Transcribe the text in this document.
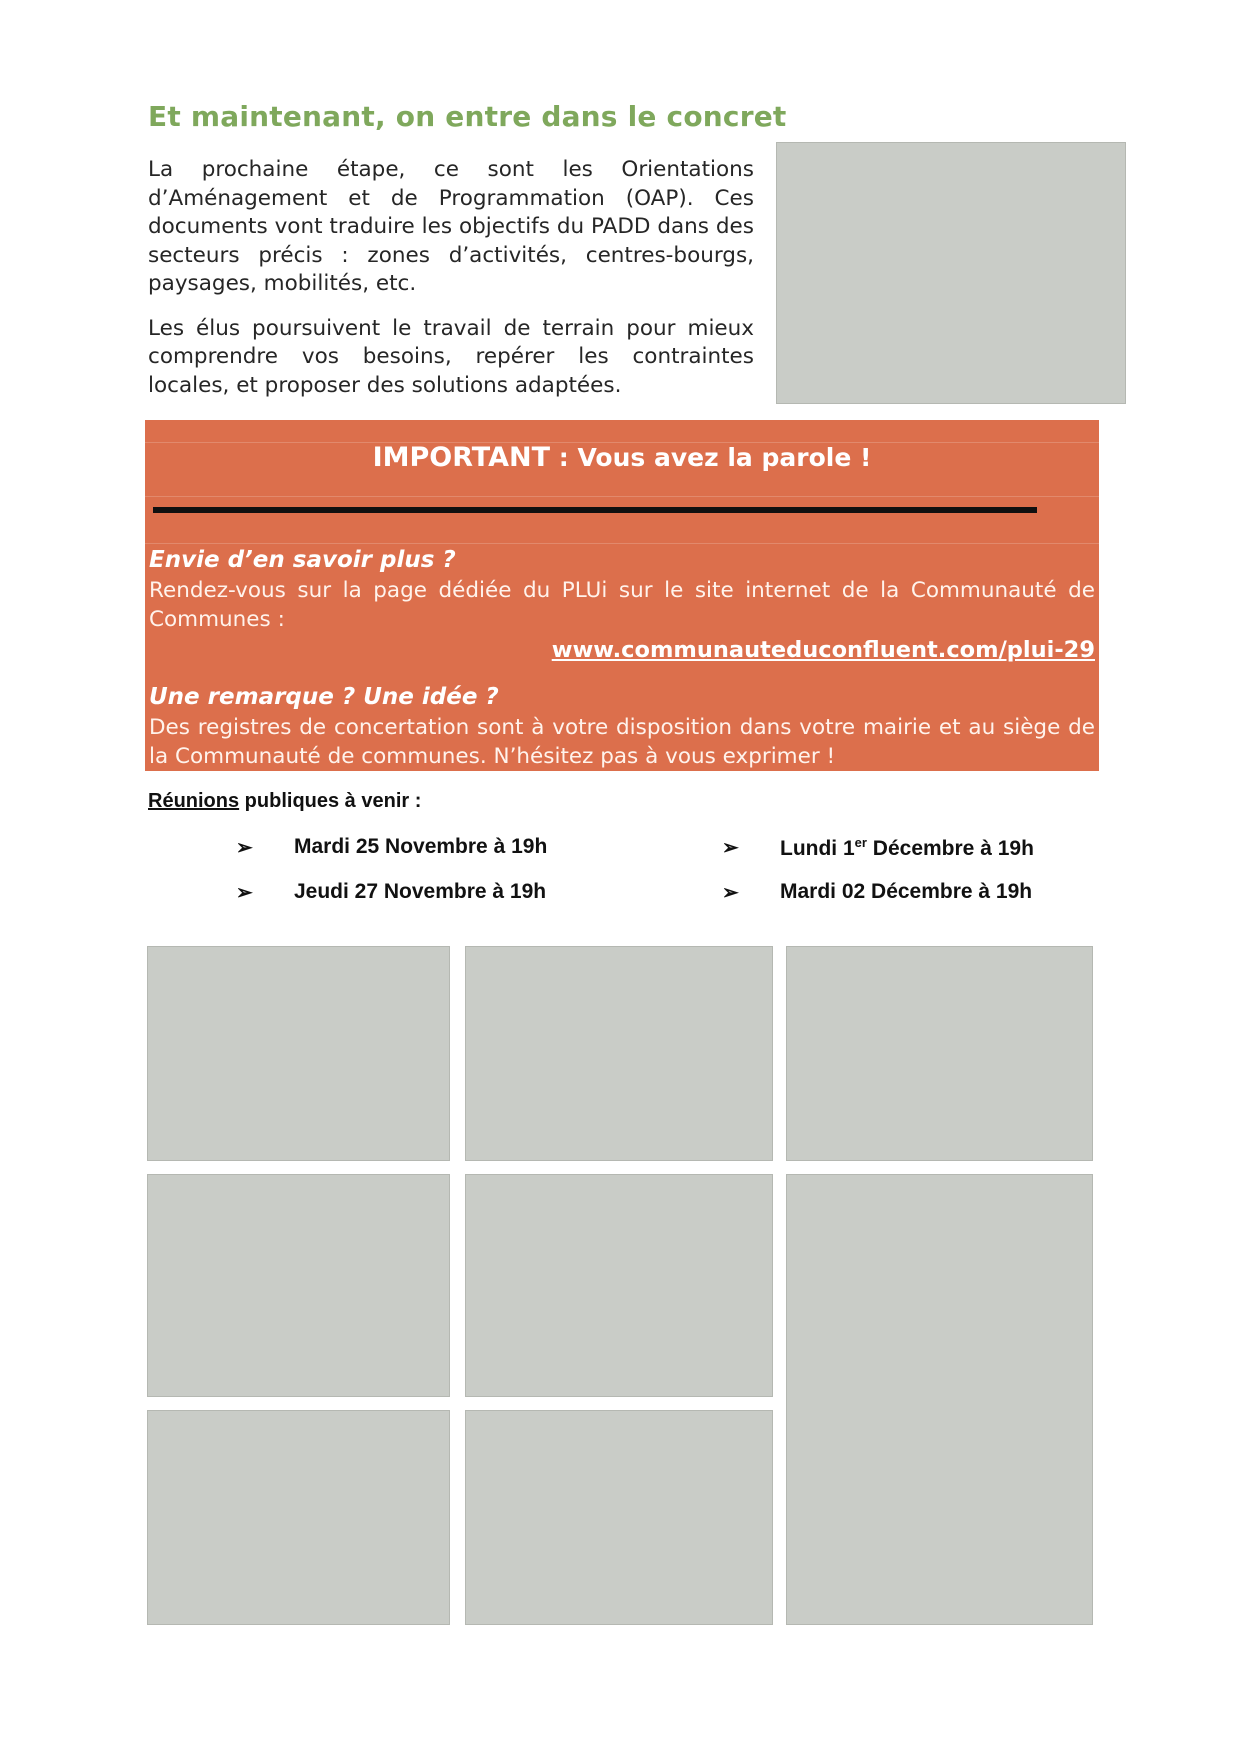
Et maintenant, on entre dans le concret

La prochaine étape, ce sont les Orientations d’Aménagement et de Programmation (OAP). Ces documents vont traduire les objectifs du PADD dans des secteurs précis : zones d’activités, centres-bourgs, paysages, mobilités, etc.

Les élus poursuivent le travail de terrain pour mieux comprendre vos besoins, repérer les contraintes locales, et proposer des solutions adaptées.

IMPORTANT : Vous avez la parole !
Envie d’en savoir plus ?
Rendez-vous sur la page dédiée du PLUi sur le site internet de la Communauté de Communes :
www.communauteduconfluent.com/plui-29
Une remarque ? Une idée ?
Des registres de concertation sont à votre disposition dans votre mairie et au siège de la Communauté de communes. N’hésitez pas à vous exprimer !
Réunions publiques à venir :
➢ Mardi 25 Novembre à 19h
➢ Jeudi 27 Novembre à 19h
➢ Lundi 1er Décembre à 19h
➢ Mardi 02 Décembre à 19h
